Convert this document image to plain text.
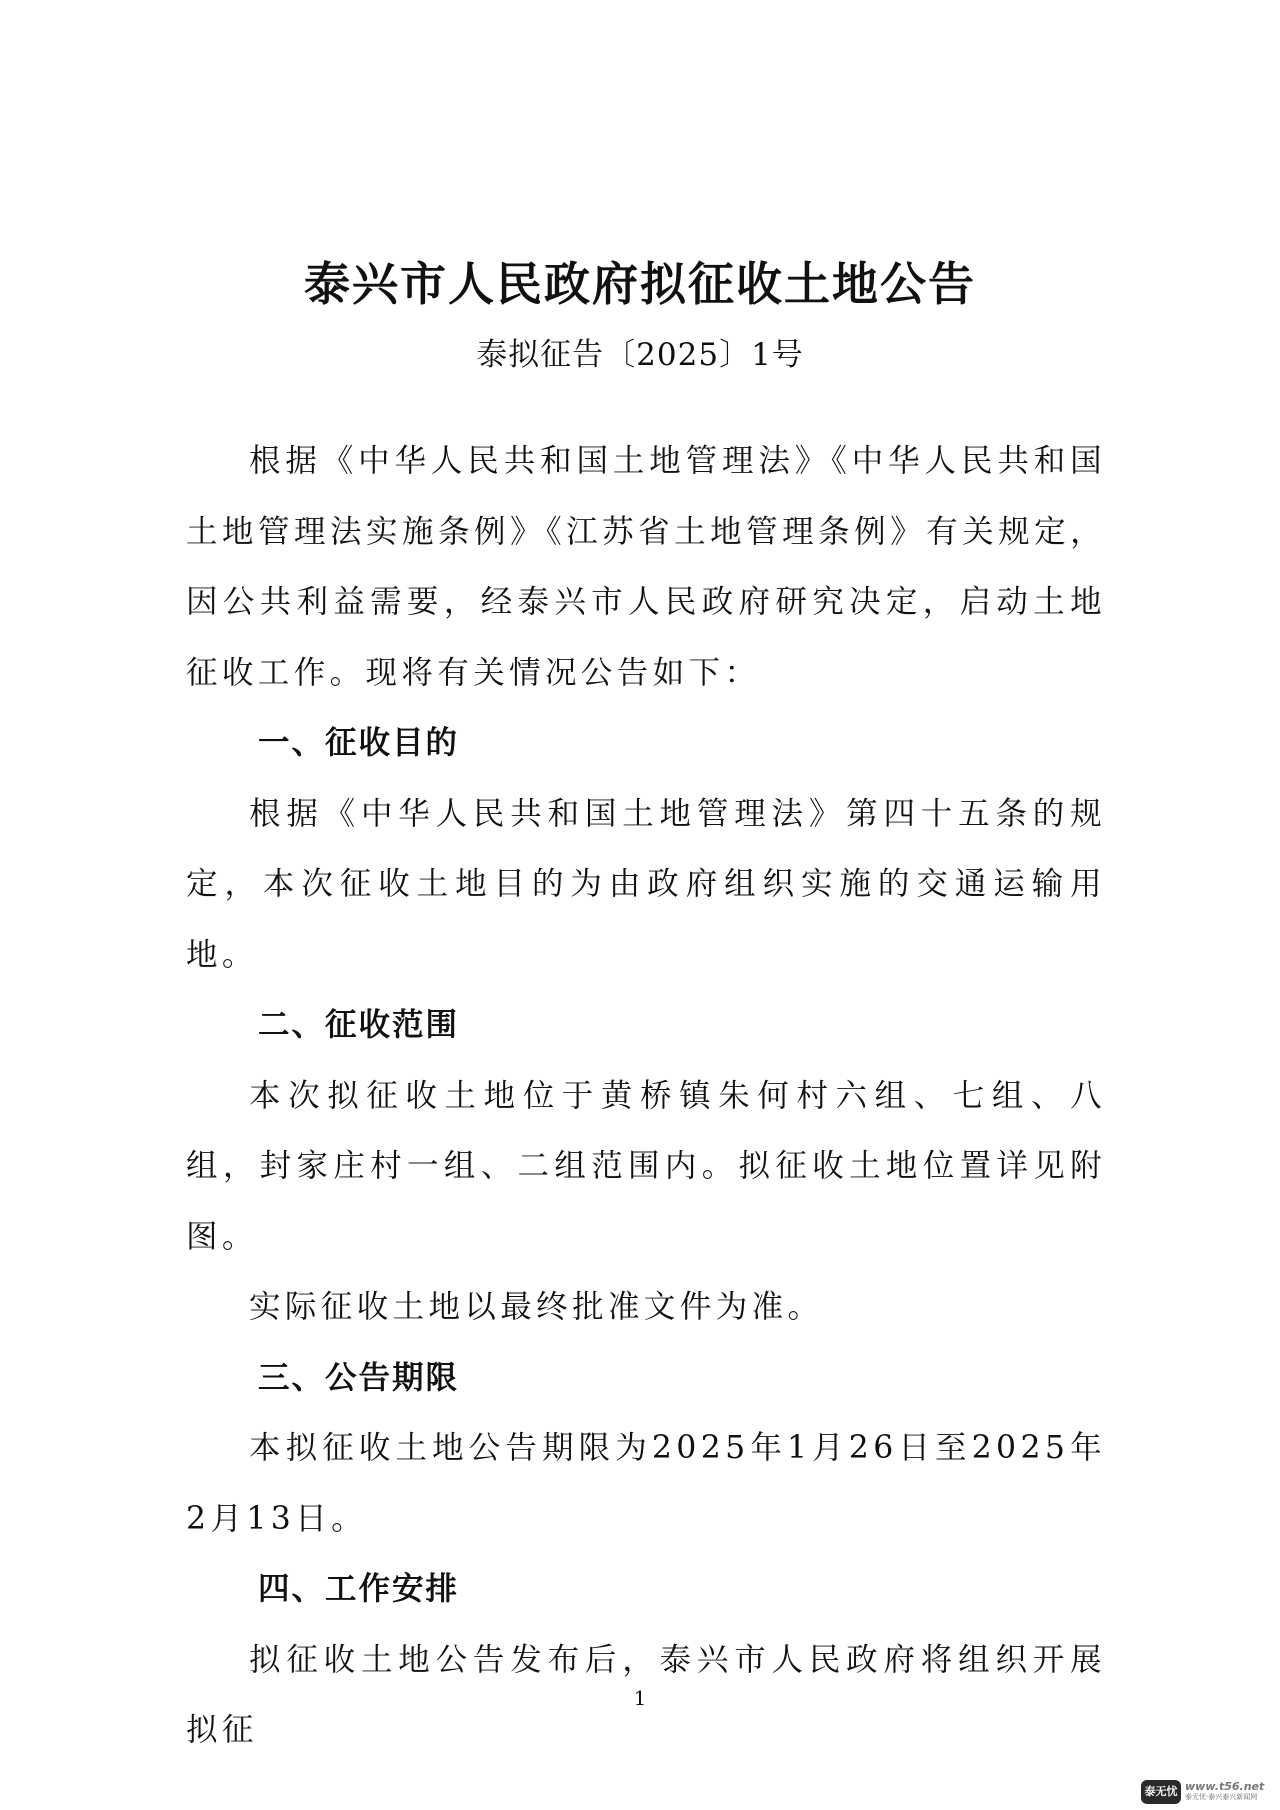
泰兴市人民政府拟征收土地公告
泰拟征告〔2025〕1号

根据《中华人民共和国土地管理法》《中华人民共和国土地管理法实施条例》《江苏省土地管理条例》有关规定，因公共利益需要，经泰兴市人民政府研究决定，启动土地征收工作。现将有关情况公告如下：

一、征收目的

根据《中华人民共和国土地管理法》第四十五条的规定，本次征收土地目的为由政府组织实施的交通运输用地。

二、征收范围

本次拟征收土地位于黄桥镇朱何村六组、七组、八组，封家庄村一组、二组范围内。拟征收土地位置详见附图。

实际征收土地以最终批准文件为准。

三、公告期限

本拟征收土地公告期限为2025年1月26日至2025年2月13日。

四、工作安排

拟征收土地公告发布后，泰兴市人民政府将组织开展拟征

1
泰无忧 www.t56.net
泰无忧·泰兴泰兴新闻网
